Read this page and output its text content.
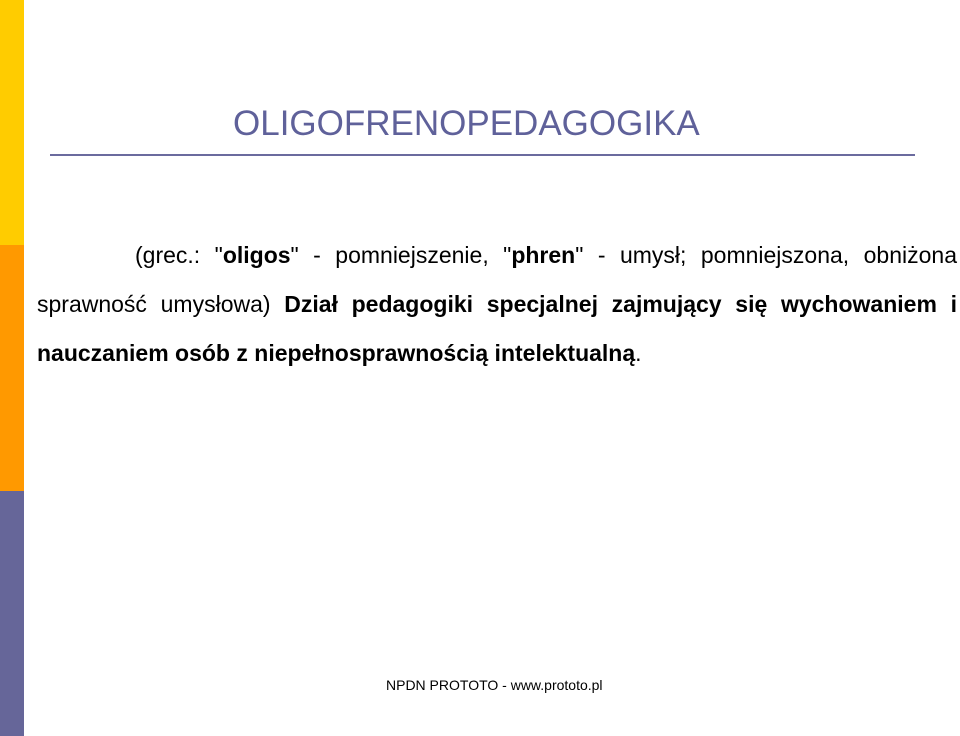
OLIGOFRENOPEDAGOGIKA

(grec.: "oligos" - pomniejszenie, "phren" - umysł; pomniejszona, obniżona sprawność umysłowa) Dział pedagogiki specjalnej zajmujący się wychowaniem i nauczaniem osób z niepełnosprawnością intelektualną.

NPDN PROTOTO - www.prototo.pl
